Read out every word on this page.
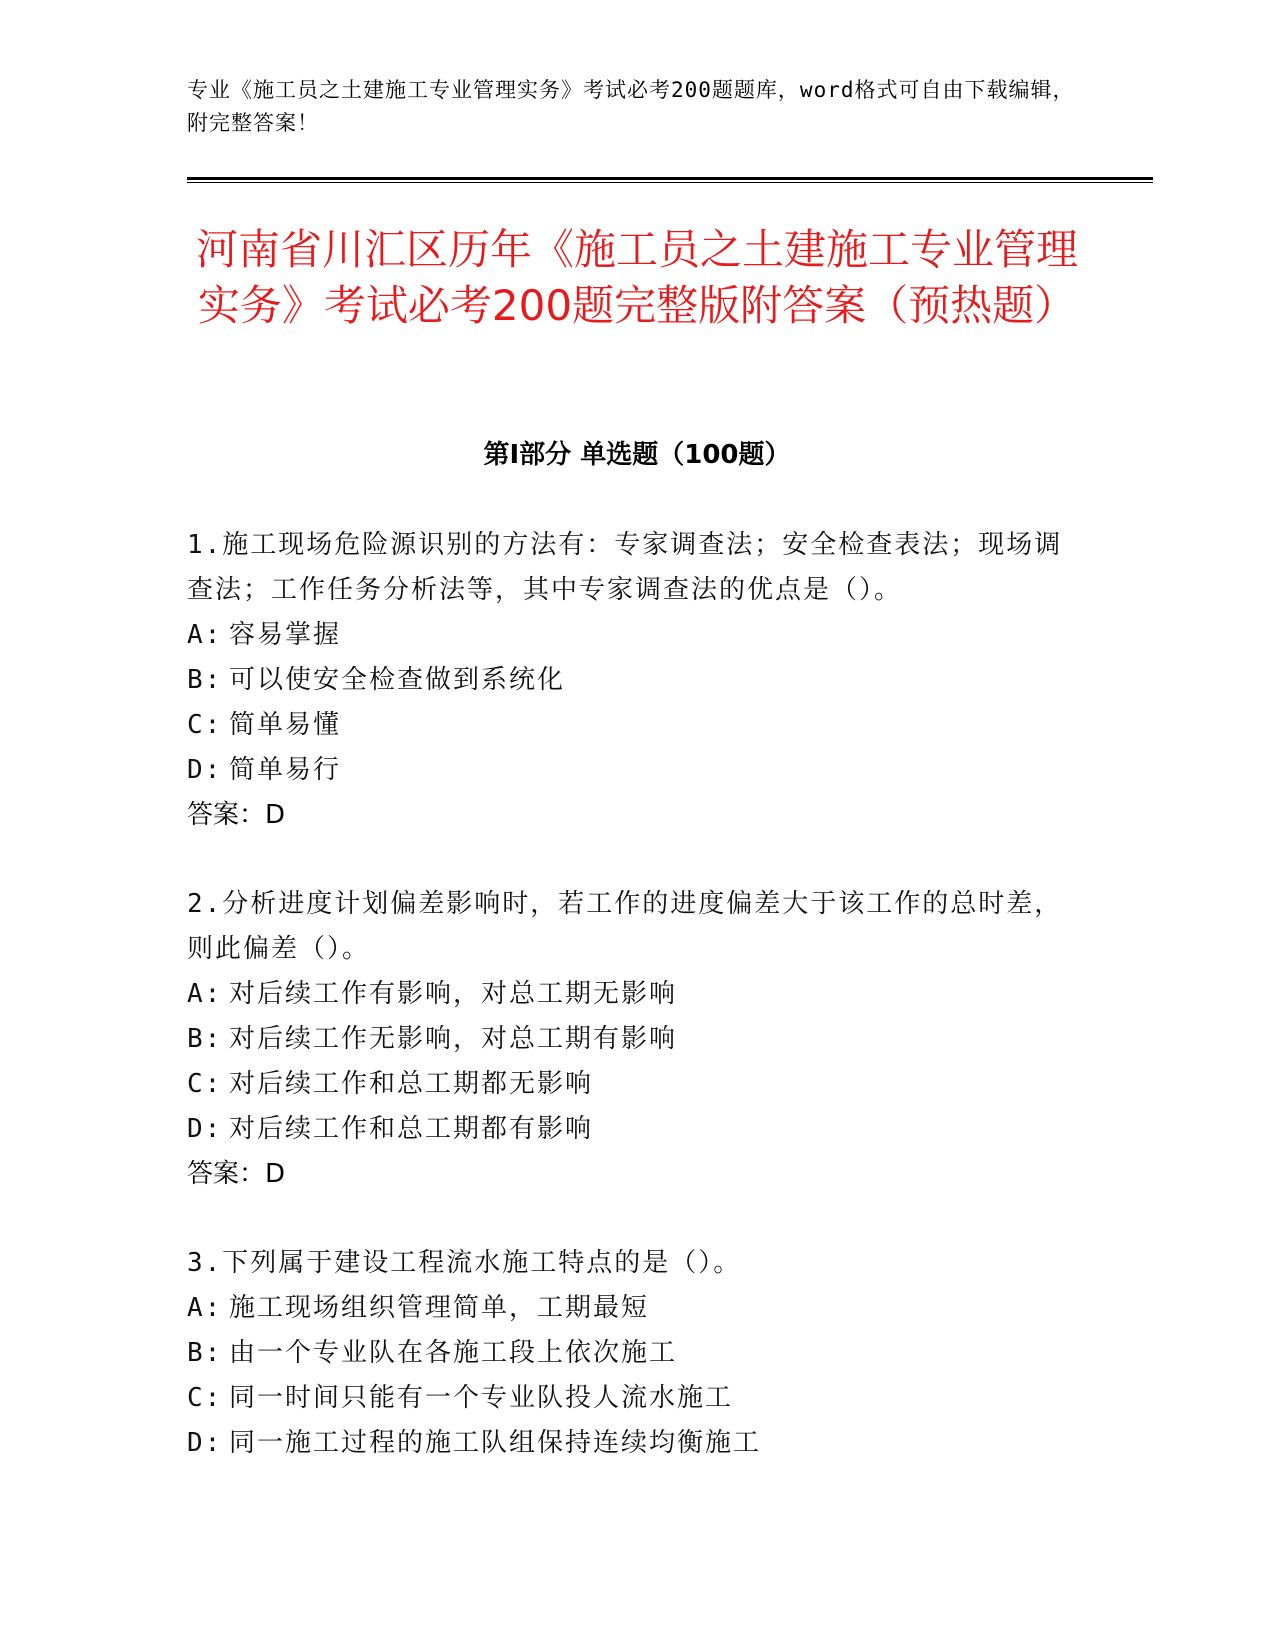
专业《施工员之土建施工专业管理实务》考试必考200题题库，word格式可自由下载编辑，附完整答案！
河南省川汇区历年《施工员之土建施工专业管理实务》考试必考200题完整版附答案（预热题）
第Ⅰ部分 单选题（100题）

1.施工现场危险源识别的方法有：专家调查法；安全检查表法；现场调查法；工作任务分析法等，其中专家调查法的优点是（）。

A: 容易掌握

B: 可以使安全检查做到系统化

C: 简单易懂

D: 简单易行

答案：D

2.分析进度计划偏差影响时，若工作的进度偏差大于该工作的总时差，则此偏差（）。

A: 对后续工作有影响，对总工期无影响

B: 对后续工作无影响，对总工期有影响

C: 对后续工作和总工期都无影响

D: 对后续工作和总工期都有影响

答案：D

3.下列属于建设工程流水施工特点的是（）。

A: 施工现场组织管理简单，工期最短

B: 由一个专业队在各施工段上依次施工

C: 同一时间只能有一个专业队投人流水施工

D: 同一施工过程的施工队组保持连续均衡施工
